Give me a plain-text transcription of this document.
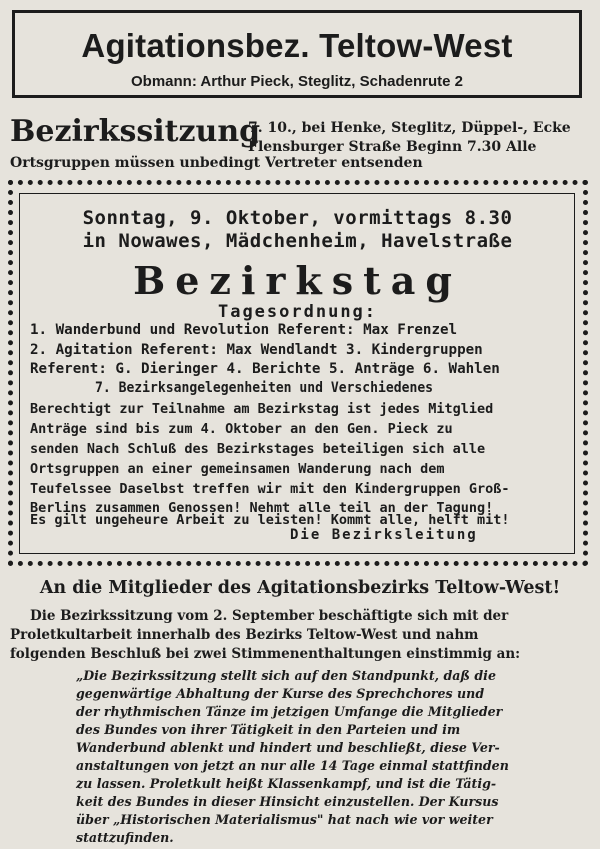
Agitationsbez. Teltow-West
Obmann: Arthur Pieck, Steglitz, Schadenrute 2
Bezirkssitzung
7. 10., bei Henke, Steglitz, Düppel-, Ecke
Flensburger Straße Beginn 7.30 Alle
Ortsgruppen müssen unbedingt Vertreter entsenden
Sonntag, 9. Oktober, vormittags 8.30
in Nowawes, Mädchenheim, Havelstraße
Bezirkstag
Tagesordnung:
1. Wanderbund und Revolution Referent: Max Frenzel
2. Agitation Referent: Max Wendlandt 3. Kindergruppen
Referent: G. Dieringer 4. Berichte 5. Anträge 6. Wahlen
7. Bezirksangelegenheiten und Verschiedenes
Berechtigt zur Teilnahme am Bezirkstag ist jedes Mitglied
Anträge sind bis zum 4. Oktober an den Gen. Pieck zu
senden Nach Schluß des Bezirkstages beteiligen sich alle
Ortsgruppen an einer gemeinsamen Wanderung nach dem
Teufelssee Daselbst treffen wir mit den Kindergruppen Groß-
Berlins zusammen Genossen! Nehmt alle teil an der Tagung!
Es gilt ungeheure Arbeit zu leisten! Kommt alle, helft mit!
Die Bezirksleitung
An die Mitglieder des Agitationsbezirks Teltow-West!
Die Bezirkssitzung vom 2. September beschäftigte sich mit der
Proletkultarbeit innerhalb des Bezirks Teltow-West und nahm
folgenden Beschluß bei zwei Stimmenenthaltungen einstimmig an:
„Die Bezirkssitzung stellt sich auf den Standpunkt, daß die
gegenwärtige Abhaltung der Kurse des Sprechchores und
der rhythmischen Tänze im jetzigen Umfange die Mitglieder
des Bundes von ihrer Tätigkeit in den Parteien und im
Wanderbund ablenkt und hindert und beschließt, diese Ver-
anstaltungen von jetzt an nur alle 14 Tage einmal stattfinden
zu lassen. Proletkult heißt Klassenkampf, und ist die Tätig-
keit des Bundes in dieser Hinsicht einzustellen. Der Kursus
über „Historischen Materialismus" hat nach wie vor weiter
stattzufinden.
